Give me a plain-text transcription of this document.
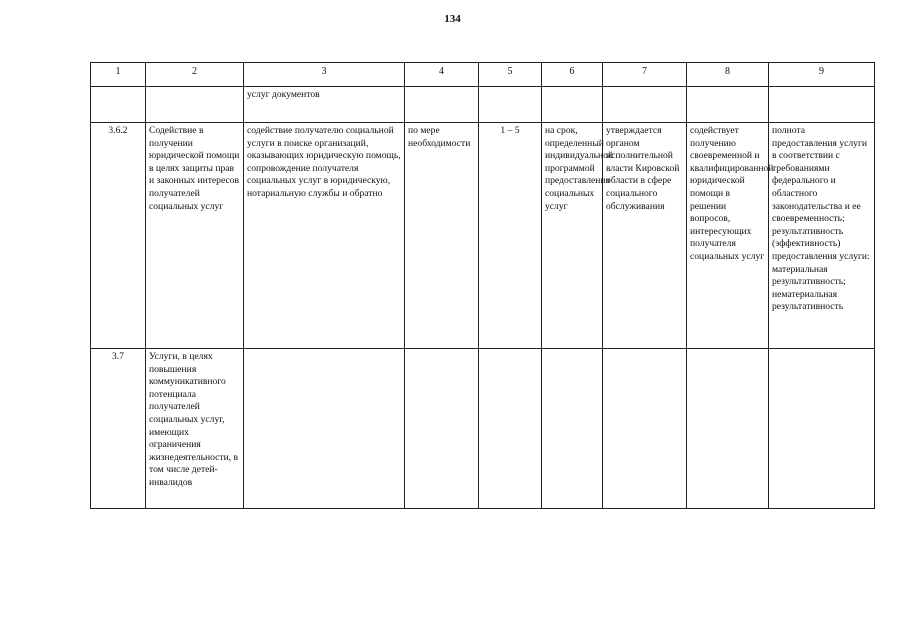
134
1	2	3	4	5	6	7	8	9
		услуг документов						
3.6.2	Содействие в получении юридической помощи в целях защиты прав и законных интересов получателей социальных услуг	содействие получателю социальной услуги в поиске организаций, оказывающих юридическую помощь, сопровождение получателя социальных услуг в юридическую, нотариальную службы и обратно	по мере необходимости	1 – 5	на срок, определенный индивидуальной программой предоставления социальных услуг	утверждается органом исполнительной власти Кировской области в сфере социального обслуживания	содействует получению своевременной и квалифицированной юридической помощи в решении вопросов, интересующих получателя социальных услуг	полнота предоставления услуги в соответствии с требованиями федерального и областного законодательства и ее своевременность; результативность (эффективность) предоставления услуги: материальная результативность; нематериальная результативность
3.7	Услуги, в целях повышения коммуникативного потенциала получателей социальных услуг, имеющих ограничения жизнедеятельности, в том числе детей-инвалидов							
